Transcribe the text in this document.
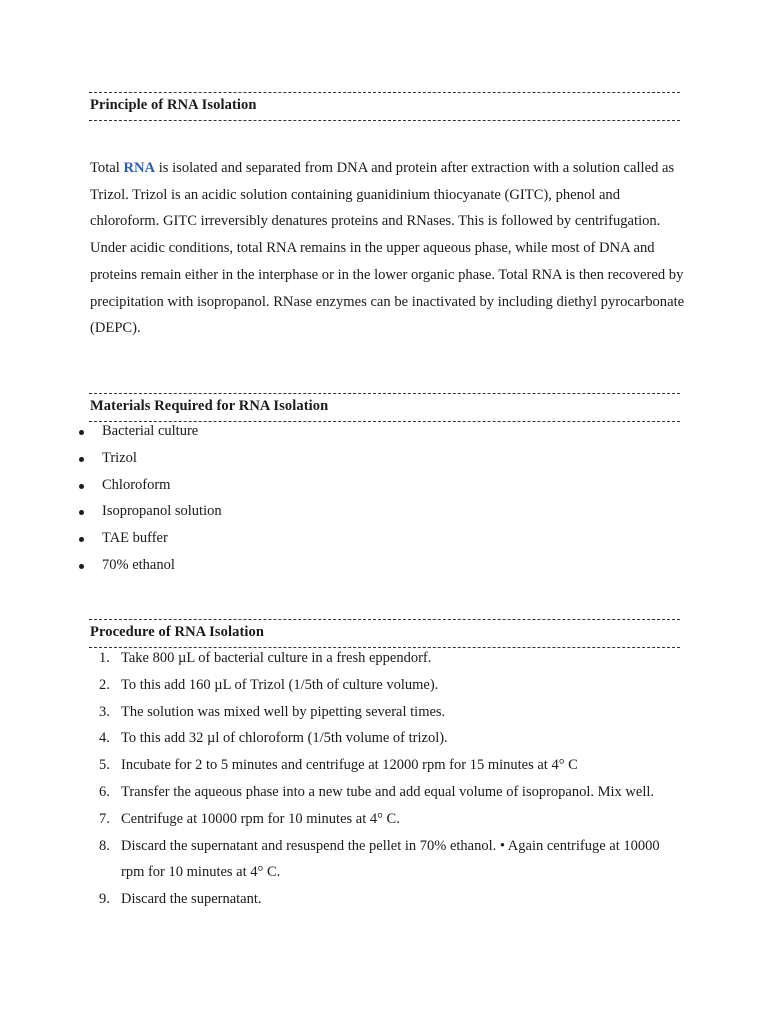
Principle of RNA Isolation

Total RNA is isolated and separated from DNA and protein after extraction with a solution called as Trizol. Trizol is an acidic solution containing guanidinium thiocyanate (GITC), phenol and chloroform. GITC irreversibly denatures proteins and RNases. This is followed by centrifugation. Under acidic conditions, total RNA remains in the upper aqueous phase, while most of DNA and proteins remain either in the interphase or in the lower organic phase. Total RNA is then recovered by precipitation with isopropanol. RNase enzymes can be inactivated by including diethyl pyrocarbonate (DEPC).

Materials Required for RNA Isolation
Bacterial culture
Trizol
Chloroform
Isopropanol solution
TAE buffer
70% ethanol
Procedure of RNA Isolation
1. Take 800 µL of bacterial culture in a fresh eppendorf.
2. To this add 160 µL of Trizol (1/5th of culture volume).
3. The solution was mixed well by pipetting several times.
4. To this add 32 µl of chloroform (1/5th volume of trizol).
5. Incubate for 2 to 5 minutes and centrifuge at 12000 rpm for 15 minutes at 4° C
6. Transfer the aqueous phase into a new tube and add equal volume of isopropanol. Mix well.
7. Centrifuge at 10000 rpm for 10 minutes at 4° C.
8. Discard the supernatant and resuspend the pellet in 70% ethanol. • Again centrifuge at 10000 rpm for 10 minutes at 4° C.
9. Discard the supernatant.
